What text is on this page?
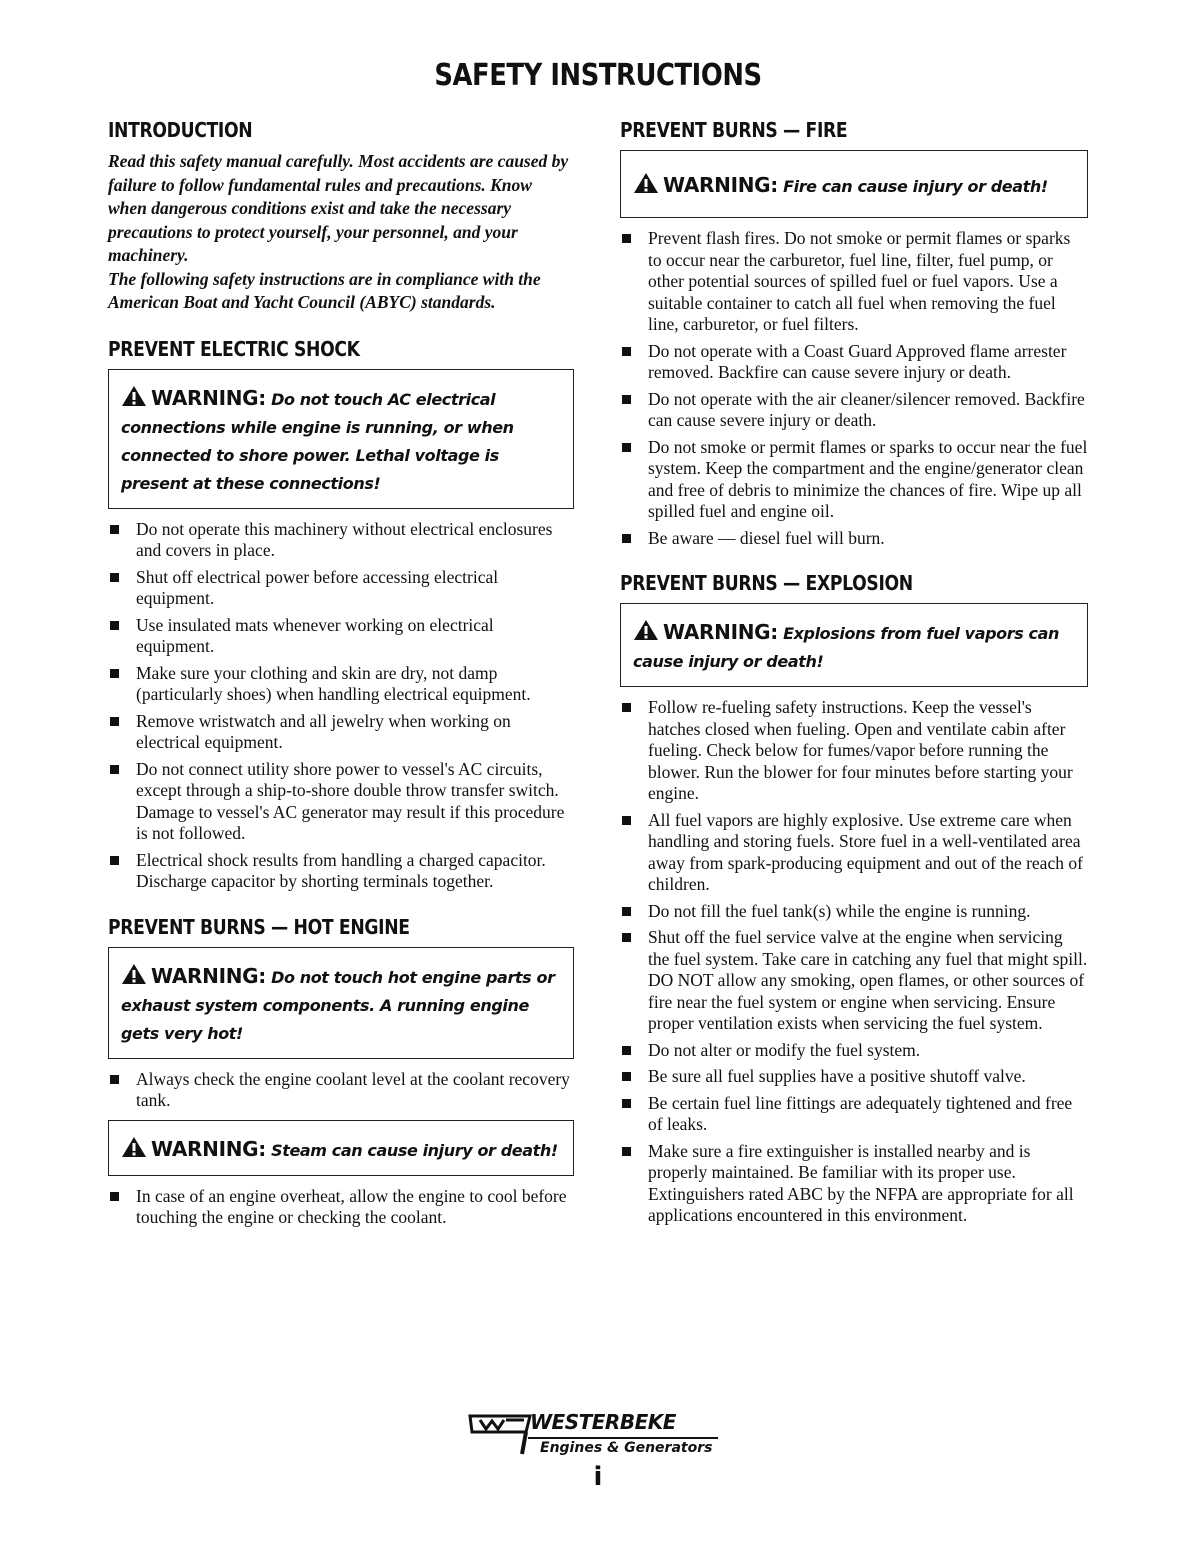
SAFETY INSTRUCTIONS
INTRODUCTION

Read this safety manual carefully. Most accidents are caused by failure to follow fundamental rules and precautions. Know when dangerous conditions exist and take the necessary precautions to protect yourself, your personnel, and your machinery.

The following safety instructions are in compliance with the American Boat and Yacht Council (ABYC) standards.

PREVENT ELECTRIC SHOCK
WARNING: Do not touch AC electrical connections while engine is running, or when connected to shore power. Lethal voltage is present at these connections!
Do not operate this machinery without electrical enclosures and covers in place.
Shut off electrical power before accessing electrical equipment.
Use insulated mats whenever working on electrical equipment.
Make sure your clothing and skin are dry, not damp (particularly shoes) when handling electrical equipment.
Remove wristwatch and all jewelry when working on electrical equipment.
Do not connect utility shore power to vessel's AC circuits, except through a ship-to-shore double throw transfer switch. Damage to vessel's AC generator may result if this procedure is not followed.
Electrical shock results from handling a charged capacitor. Discharge capacitor by shorting terminals together.
PREVENT BURNS — HOT ENGINE
WARNING: Do not touch hot engine parts or exhaust system components. A running engine gets very hot!
Always check the engine coolant level at the coolant recovery tank.
WARNING: Steam can cause injury or death!
In case of an engine overheat, allow the engine to cool before touching the engine or checking the coolant.
PREVENT BURNS — FIRE
WARNING: Fire can cause injury or death!
Prevent flash fires. Do not smoke or permit flames or sparks to occur near the carburetor, fuel line, filter, fuel pump, or other potential sources of spilled fuel or fuel vapors. Use a suitable container to catch all fuel when removing the fuel line, carburetor, or fuel filters.
Do not operate with a Coast Guard Approved flame arrester removed. Backfire can cause severe injury or death.
Do not operate with the air cleaner/silencer removed. Backfire can cause severe injury or death.
Do not smoke or permit flames or sparks to occur near the fuel system. Keep the compartment and the engine/generator clean and free of debris to minimize the chances of fire. Wipe up all spilled fuel and engine oil.
Be aware — diesel fuel will burn.
PREVENT BURNS — EXPLOSION
WARNING: Explosions from fuel vapors can cause injury or death!
Follow re-fueling safety instructions. Keep the vessel's hatches closed when fueling. Open and ventilate cabin after fueling. Check below for fumes/vapor before running the blower. Run the blower for four minutes before starting your engine.
All fuel vapors are highly explosive. Use extreme care when handling and storing fuels. Store fuel in a well-ventilated area away from spark-producing equipment and out of the reach of children.
Do not fill the fuel tank(s) while the engine is running.
Shut off the fuel service valve at the engine when servicing the fuel system. Take care in catching any fuel that might spill. DO NOT allow any smoking, open flames, or other sources of fire near the fuel system or engine when servicing. Ensure proper ventilation exists when servicing the fuel system.
Do not alter or modify the fuel system.
Be sure all fuel supplies have a positive shutoff valve.
Be certain fuel line fittings are adequately tightened and free of leaks.
Make sure a fire extinguisher is installed nearby and is properly maintained. Be familiar with its proper use. Extinguishers rated ABC by the NFPA are appropriate for all applications encountered in this environment.
WESTERBEKE
Engines & Generators
i
